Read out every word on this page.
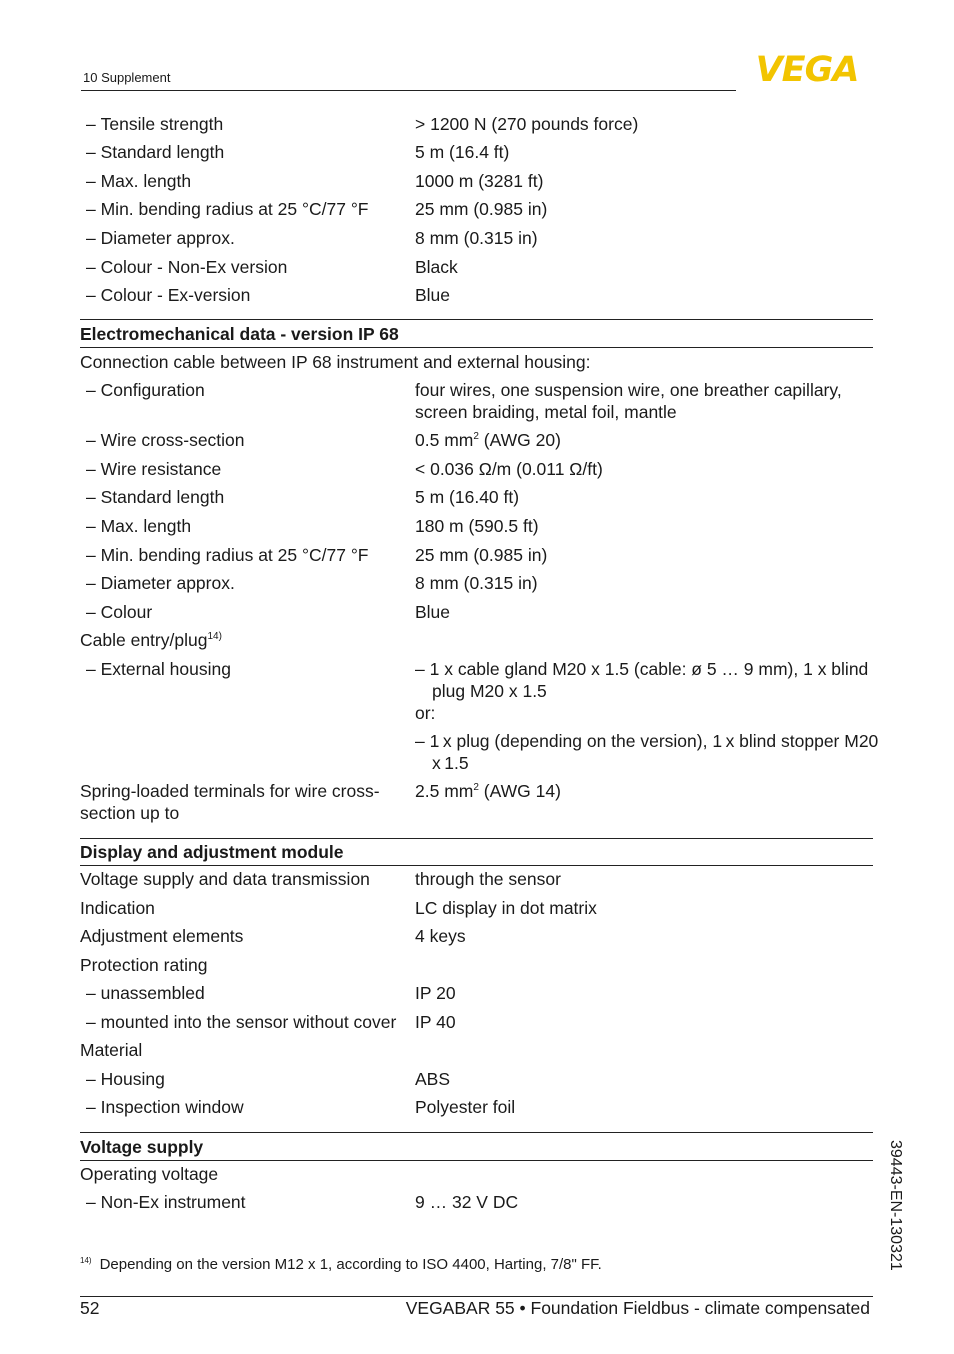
10 Supplement	VEGA
– Tensile strength	> 1200 N (270 pounds force)
– Standard length	5 m (16.4 ft)
– Max. length	1000 m (3281 ft)
– Min. bending radius at 25 °C/77 °F	25 mm (0.985 in)
– Diameter approx.	8 mm (0.315 in)
– Colour - Non-Ex version	Black
– Colour - Ex-version	Blue
Electromechanical data - version IP 68
Connection cable between IP 68 instrument and external housing:
– Configuration	four wires, one suspension wire, one breather capillary, screen braiding, metal foil, mantle
– Wire cross-section	0.5 $mm^2$ (AWG 20)
– Wire resistance	< 0.036 Ω/m (0.011 Ω/ft)
– Standard length	5 m (16.40 ft)
– Max. length	180 m (590.5 ft)
– Min. bending radius at 25 °C/77 °F	25 mm (0.985 in)
– Diameter approx.	8 mm (0.315 in)
– Colour	Blue
Cable entry/plug$^{14)}$
– External housing
–	1 x cable gland M20 x 1.5 (cable: ø 5 … 9 mm), 1 x blind plug M20 x 1.5
or:
– 1 x plug (depending on the version), 1 x blind stopper M20 x 1.5
Spring-loaded terminals for wire cross-section up to
2.5 $mm^2$ (AWG 14)
Display and adjustment module
Voltage supply and data transmission	through the sensor
Indication	LC display in dot matrix
Adjustment elements	4 keys
Protection rating
– unassembled	IP 20
– mounted into the sensor without cover	IP 40
Material
– Housing	ABS
– Inspection window	Polyester foil
Voltage supply
Operating voltage
– Non-Ex instrument	9 … 32 V DC
$^{14)}$ Depending on the version M12 x 1, according to ISO 4400, Harting, 7/8" FF.	39443-EN-130321
52	VEGABAR 55 • Foundation Fieldbus - climate compensated
